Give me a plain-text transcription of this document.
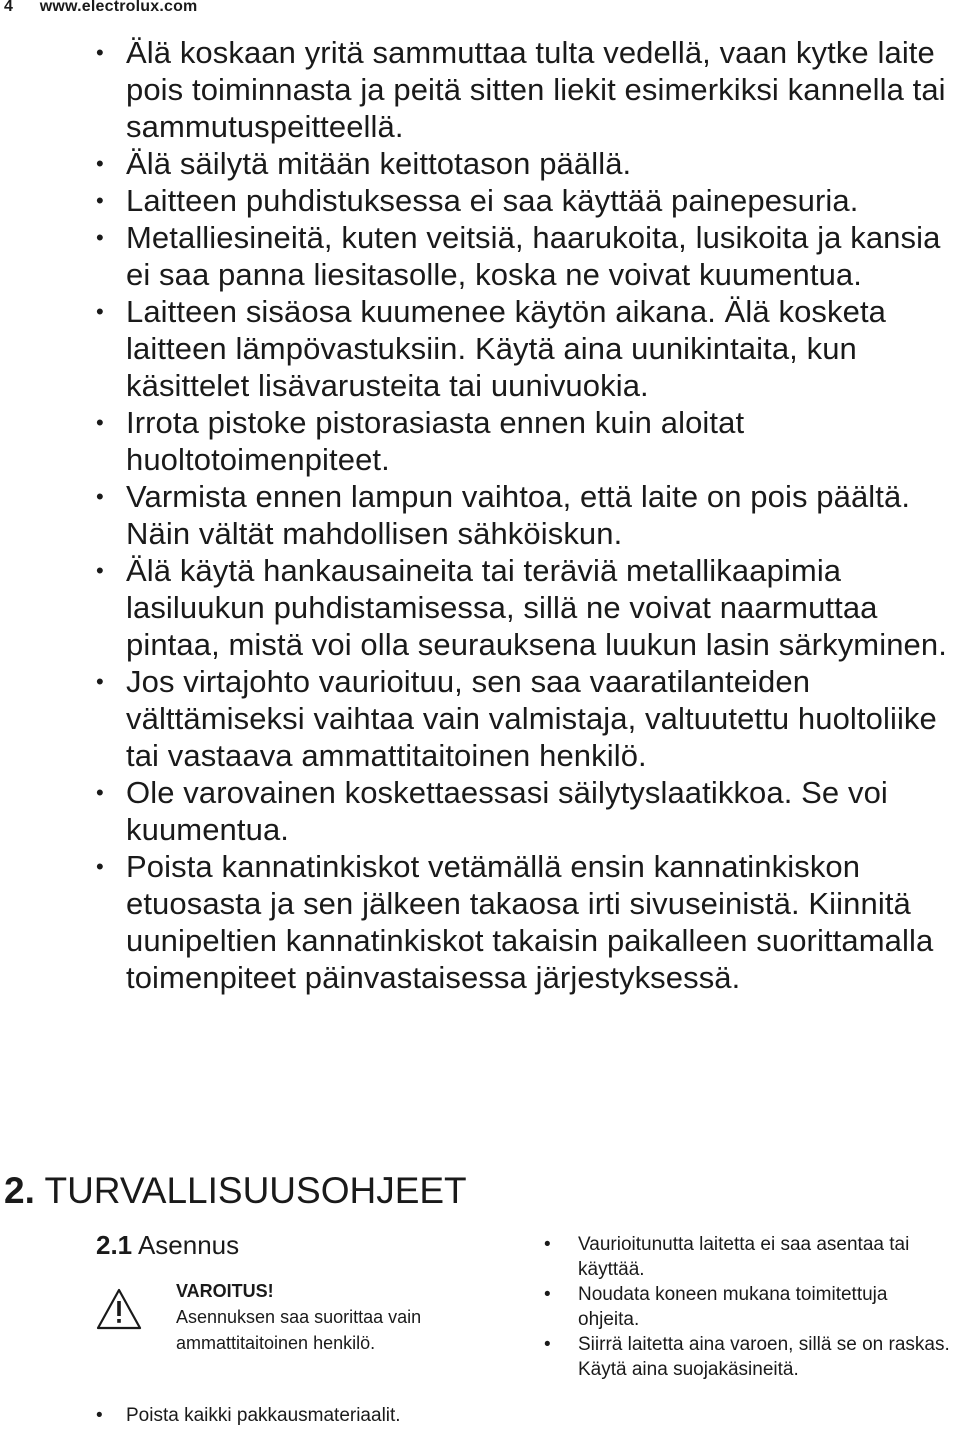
4 www.electrolux.com
• Älä koskaan yritä sammuttaa tulta vedellä, vaan kytke laite pois toiminnasta ja peitä sitten liekit esimerkiksi kannella tai sammutuspeitteellä.
• Älä säilytä mitään keittotason päällä.
• Laitteen puhdistuksessa ei saa käyttää painepesuria.
• Metalliesineitä, kuten veitsiä, haarukoita, lusikoita ja kansia ei saa panna liesitasolle, koska ne voivat kuumentua.
• Laitteen sisäosa kuumenee käytön aikana. Älä kosketa laitteen lämpövastuksiin. Käytä aina uunikintaita, kun käsittelet lisävarusteita tai uunivuokia.
• Irrota pistoke pistorasiasta ennen kuin aloitat huoltotoimenpiteet.
• Varmista ennen lampun vaihtoa, että laite on pois päältä. Näin vältät mahdollisen sähköiskun.
• Älä käytä hankausaineita tai teräviä metallikaapimia lasiluukun puhdistamisessa, sillä ne voivat naarmuttaa pintaa, mistä voi olla seurauksena luukun lasin särkyminen.
• Jos virtajohto vaurioituu, sen saa vaaratilanteiden välttämiseksi vaihtaa vain valmistaja, valtuutettu huoltoliike tai vastaava ammattitaitoinen henkilö.
• Ole varovainen koskettaessasi säilytyslaatikkoa. Se voi kuumentua.
• Poista kannatinkiskot vetämällä ensin kannatinkiskon etuosasta ja sen jälkeen takaosa irti sivuseinistä. Kiinnitä uunipeltien kannatinkiskot takaisin paikalleen suorittamalla toimenpiteet päinvastaisessa järjestyksessä.
2. TURVALLISUUSOHJEET
2.1 Asennus
VAROITUS!
Asennuksen saa suorittaa vain ammattitaitoinen henkilö.
• Poista kaikki pakkausmateriaalit.
• Vaurioitunutta laitetta ei saa asentaa tai käyttää.
• Noudata koneen mukana toimitettuja ohjeita.
• Siirrä laitetta aina varoen, sillä se on raskas. Käytä aina suojakäsineitä.
